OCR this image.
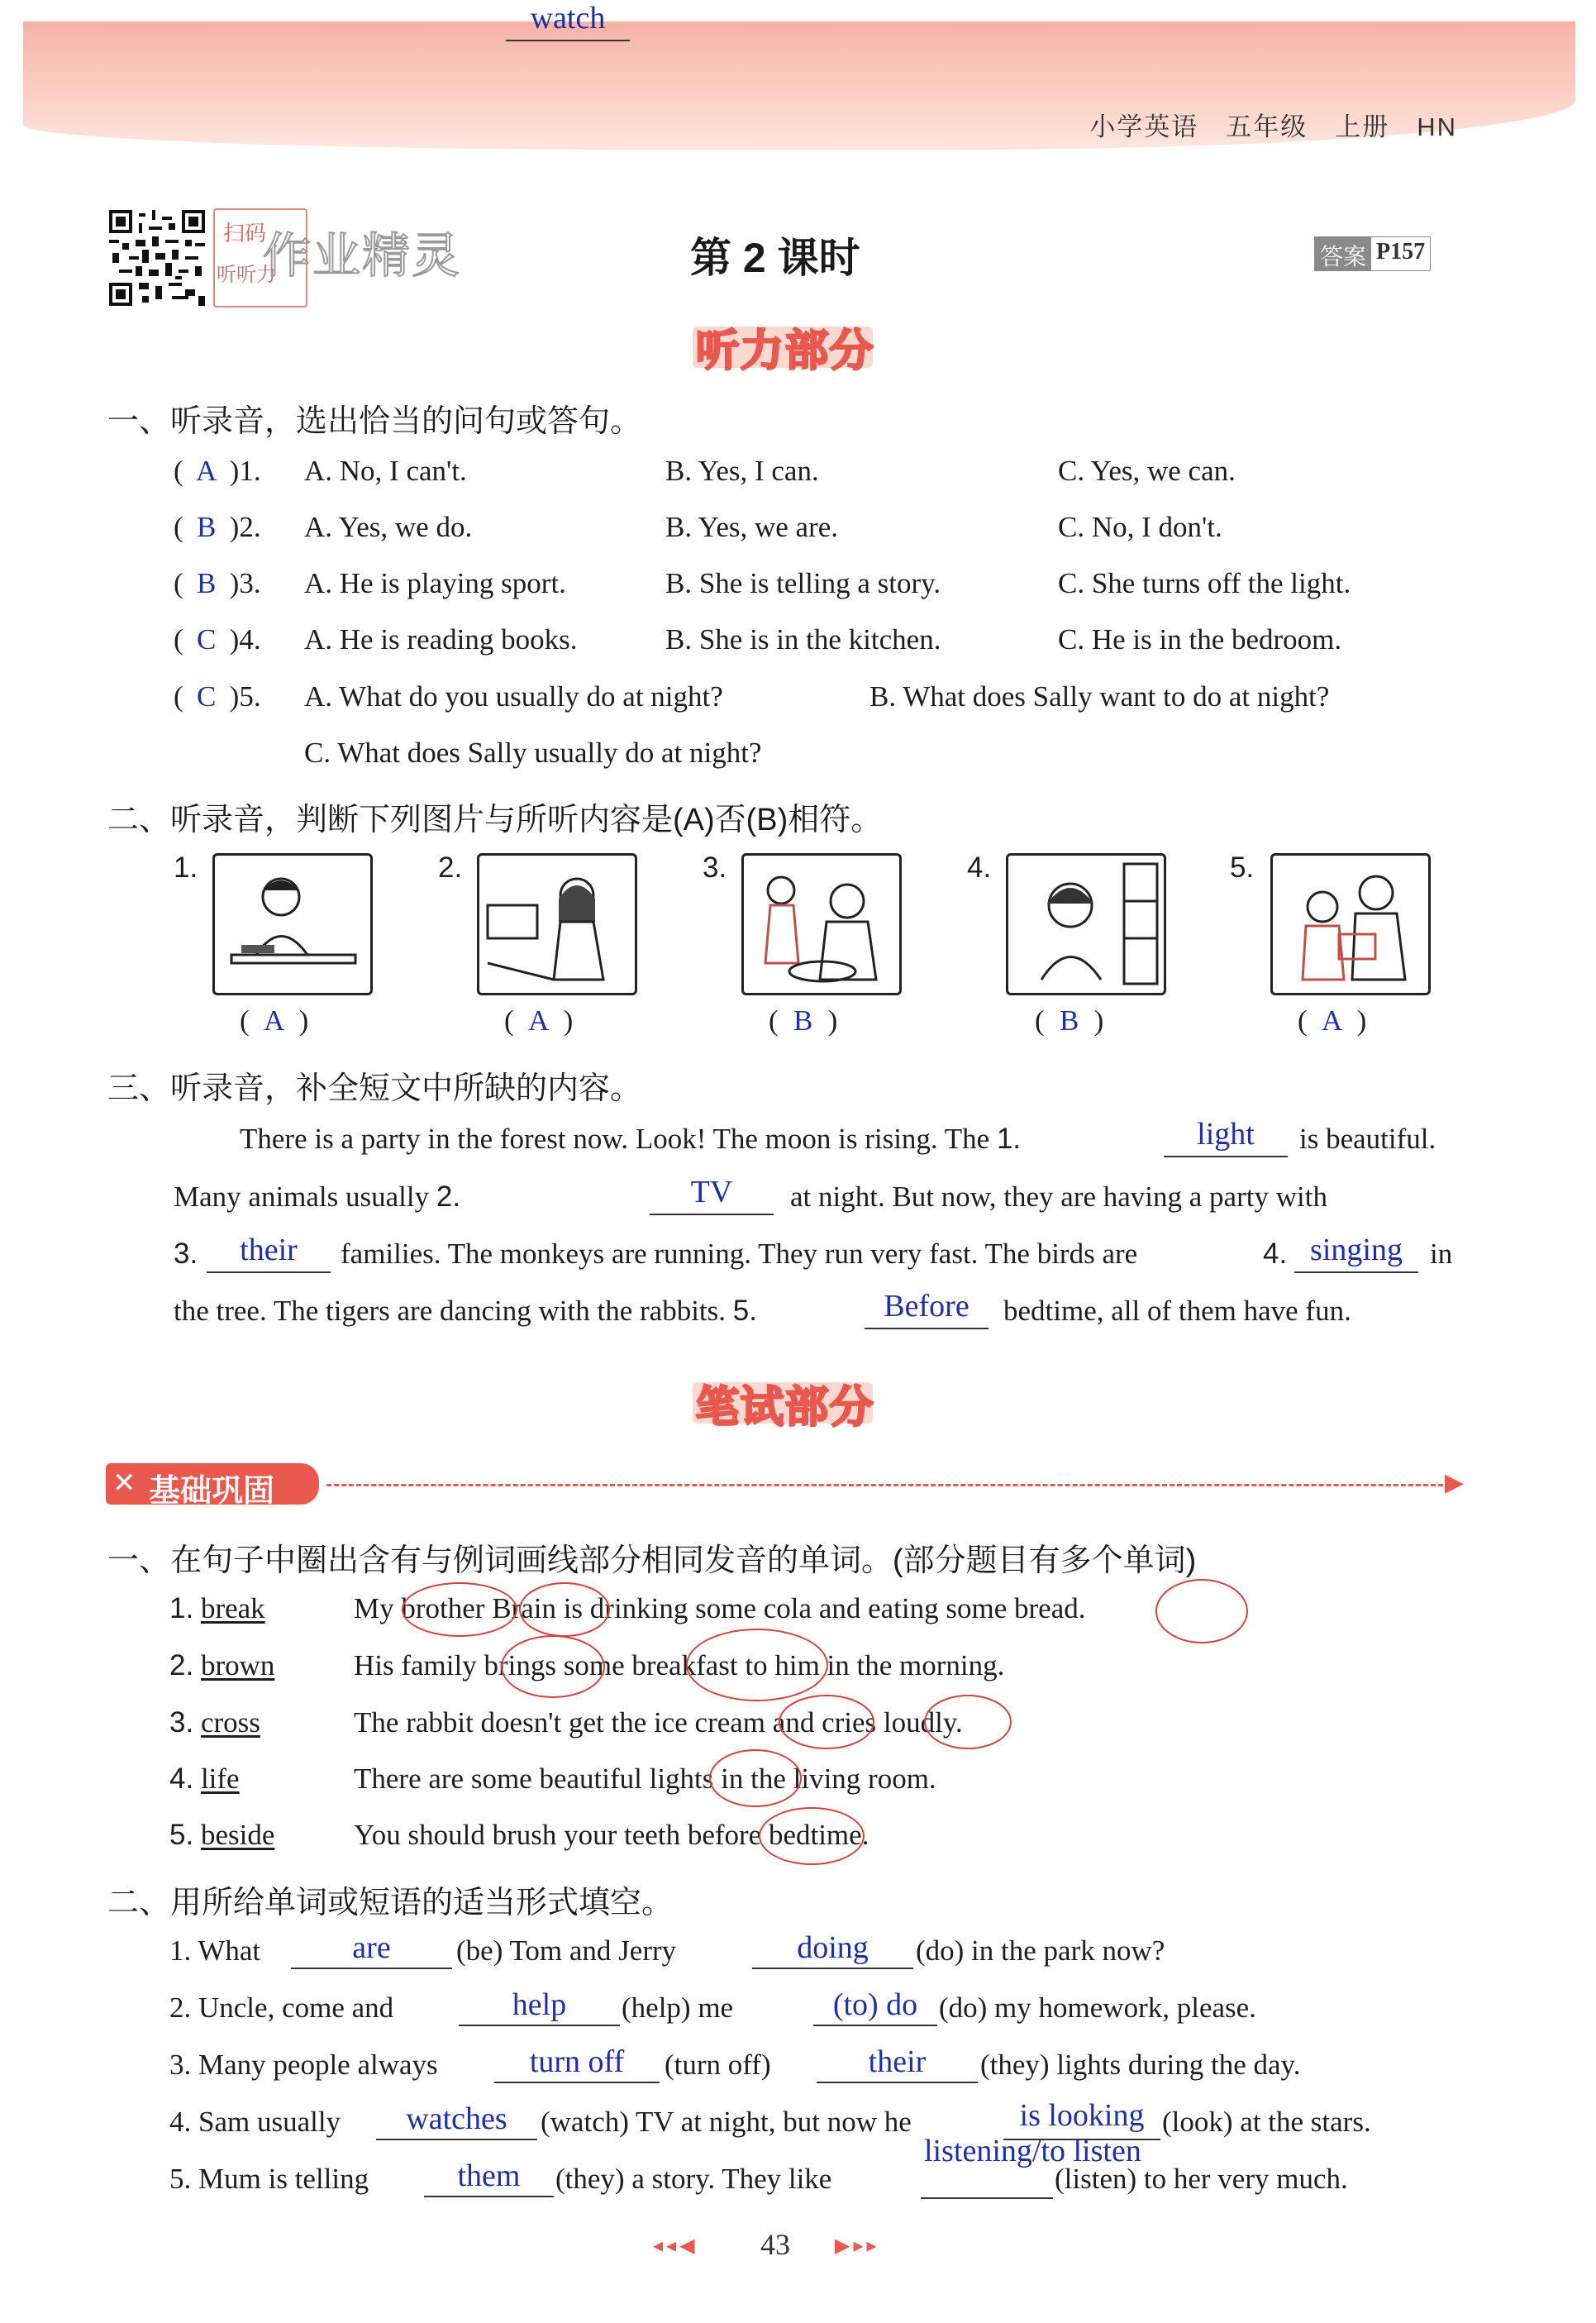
小学英语　五年级　上册　HN
扫码
听听力
作业精灵	第 2 课时	答案 P157
听力部分
一、听录音，选出恰当的问句或答句。
( A )1. A. No, I can't.	B. Yes, I can.	C. Yes, we can.
( B )2. A. Yes, we do.	B. Yes, we are.	C. No, I don't.
( B )3. A. He is playing sport.	B. She is telling a story.	C. She turns off the light.
( C )4. A. He is reading books.	B. She is in the kitchen.	C. He is in the bedroom.
( C )5. A. What do you usually do at night?	B. What does Sally want to do at night?
C. What does Sally usually do at night?
二、听录音，判断下列图片与所听内容是(A)否(B)相符。
1.
( A )
2.
( A )
3.
( B )
4.
( B )
5.
( A )
三、听录音，补全短文中所缺的内容。
There is a party in the forest now. Look! The moon is rising. The 1.	light	is beautiful.
Many animals usually 2.
watch
TV	at night. But now, they are having a party with
3.	their	families. The monkeys are running. They run very fast. The birds are	4. singing in
the tree. The tigers are dancing with the rabbits. 5.	Before	bedtime, all of them have fun.
笔试部分
✕ 基础巩固	▶
一、在句子中圈出含有与例词画线部分相同发音的单词。(部分题目有多个单词)
1. break	My brother Brain is drinking some cola and eating some bread.
2. brown	His family brings some breakfast to him in the morning.
3. cross	The rabbit doesn't get the ice cream and cries loudly.
4. life	There are some beautiful lights in the living room.
5. beside	You should brush your teeth before bedtime.
二、用所给单词或短语的适当形式填空。
1. What	are	(be) Tom and Jerry	doing	(do) in the park now?
2. Uncle, come and	help	(help) me	(to) do (do) my homework, please.
3. Many people always	turn off	(turn off)	their	(they) lights during the day.
4. Sam usually	watches	(watch) TV at night, but now he	is looking (look) at the stars.
5. Mum is telling	them	(they) a story. They like
listening/to listen
(listen) to her very much.
◂◂◀ 43 ▶▸▸
